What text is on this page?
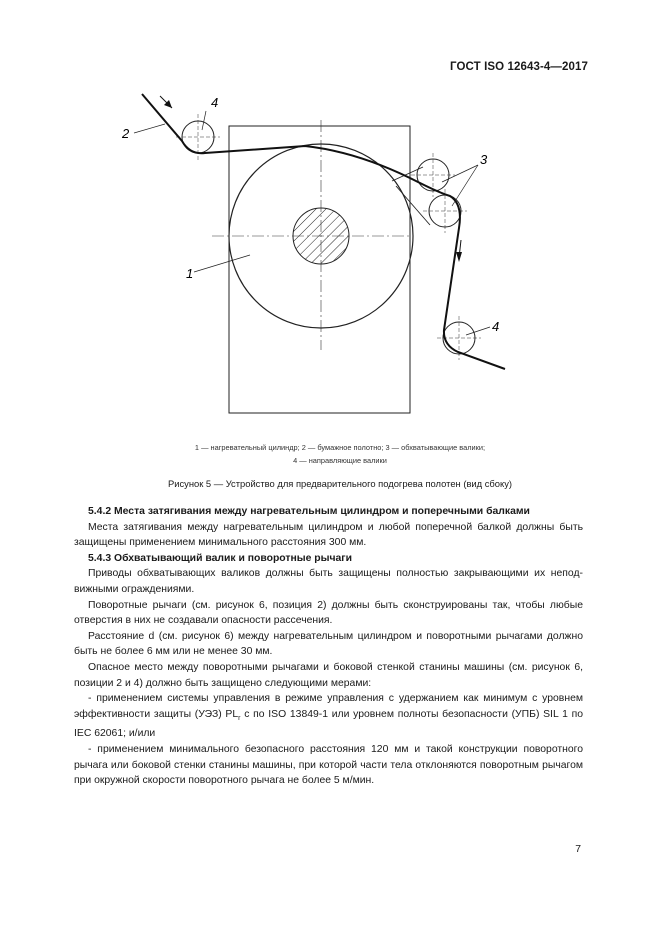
ГОСТ ISO 12643-4—2017
2
4
3
1
4
1 — нагревательный цилиндр; 2 — бумажное полотно; 3 — обхватывающие валики;
4 — направляющие валики
Рисунок 5 — Устройство для предварительного подогрева полотен (вид сбоку)
5.4.2 Места затягивания между нагревательным цилиндром и поперечными балками

Места затягивания между нагревательным цилиндром и любой поперечной балкой должны быть защищены применением минимального расстояния 300 мм.

5.4.3 Обхватывающий валик и поворотные рычаги

Приводы обхватывающих валиков должны быть защищены полностью закрывающими их неподвижными ограждениями.

Поворотные рычаги (см. рисунок 6, позиция 2) должны быть сконструированы так, чтобы любые отверстия в них не создавали опасности рассечения.

Расстояние d (см. рисунок 6) между нагревательным цилиндром и поворотными рычагами должно быть не более 6 мм или не менее 30 мм.

Опасное место между поворотными рычагами и боковой стенкой станины машины (см. рисунок 6, позиции 2 и 4) должно быть защищено следующими мерами:

- применением системы управления в режиме управления с удержанием как минимум с уровнем эффективности защиты (УЭЗ) $PL_r$ с по ISO 13849-1 или уровнем полноты безопасности (УПБ) SIL 1 по IEC 62061; и/или

- применением минимального безопасного расстояния 120 мм и такой конструкции поворотного рычага или боковой стенки станины машины, при которой части тела отклоняются поворотным рычагом при окружной скорости поворотного рычага не более 5 м/мин.

7
